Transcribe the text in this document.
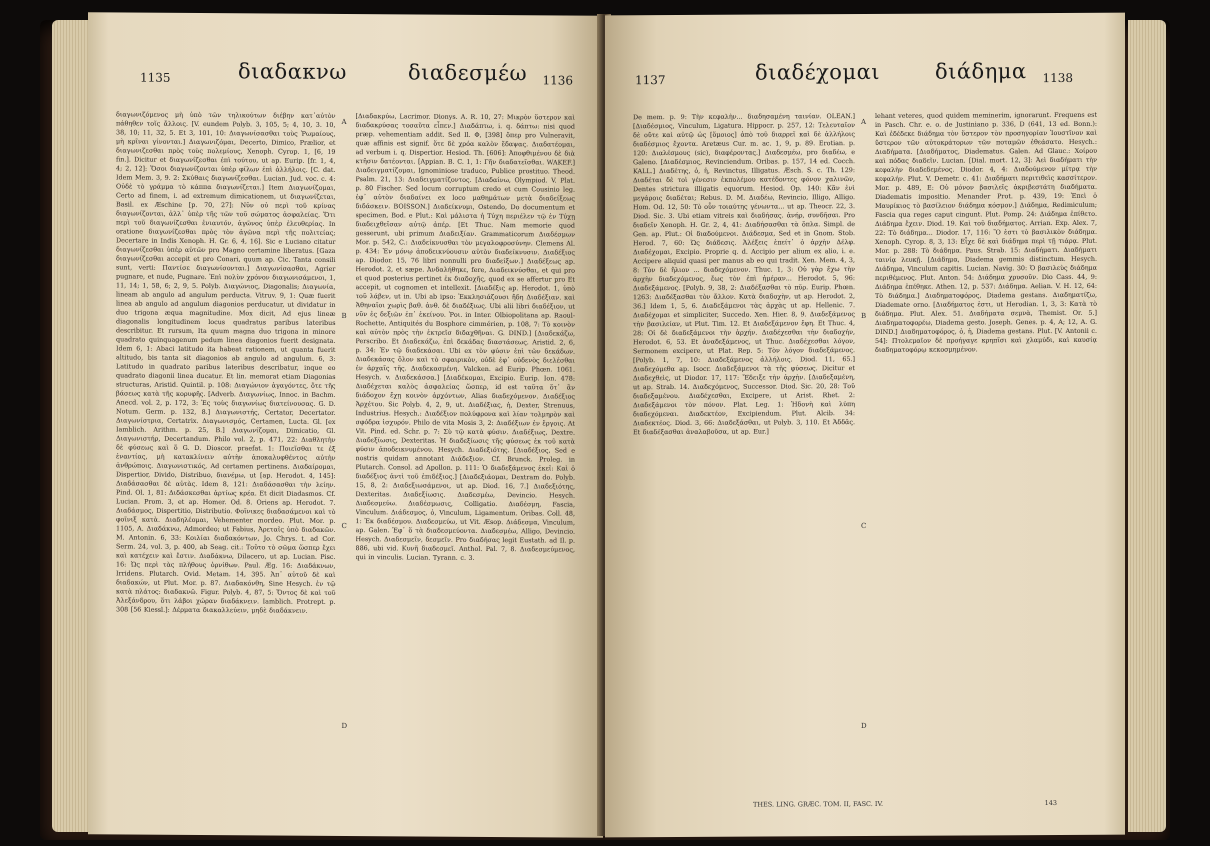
1135	διαδακνω	διαδεσμέω 1136
διαγωνιζόμενος μὴ ὑπὸ τῶν τηλικούτων διέβην κατ᾽αὐτὸν πάθηθεν τοῖς ἄλλοις. [V. eundem Polyb. 3, 105, 5; 4, 10, 3. 10, 38, 10; 11, 32, 5. Et 3, 101, 10: Διαγωνίσασθαι τοὺς Ῥωμαίους, μὴ κρῖναι γίνονται.] Διαγωνιζόμαι, Decerto, Dimico, Prælior, et διαγωνιζεσθαι πρὸς τοὺς πολεμίους, Xenoph. Cyrop. 1, [6, 19 fin.]. Dicitur et διαγωνίζεσθαι ἐπὶ τούτου, ut ap. Eurip. [fr. 1, 4, 4; 2, 12]: Ὅσοι διαγωνίζονται ὑπὲρ φίλων ἐπὶ ἀλλήλοις. [C. dat. Idem Mem. 3, 9. 2: Σκύθαις διαγωνίζεσθαι. Lucian. Jud. voc. c. 4: Οὐδὲ τὸ γράμμα τὸ κάππα διαγωνίζεται.] Item Διαγωνίζομαι, Certo ad finem, i. ad extremum dimicationem, ut διαγωνίζεται, Basil. ex Æschine [p. 70, 27]: Νῦν οὐ περὶ τοῦ κρίνας διαγωνίζονται, ἀλλ᾽ ὑπὲρ τῆς τῶν τοῦ σώματος ἀσφαλείας. Ὅτι περὶ τοῦ διαγωνίζεσθαι ἐνιαυτόν, ἀγῶνος ὑπὲρ ἐλευθερίας. In oratione διαγωνίζεσθαι πρὸς τὸν ἀγῶνα περὶ τῆς πολιτείας; Decertare in Indis Xenoph. H. Gr. 6, 4, 16]. Sic e Luciano citatur διαγωνίζεσθαι ὑπὲρ αὐτῶν pro Magno certamine liberatus. [Gaza διαγωνίζεσθαι accepit et pro Conari, quum ap. Cic. Tanta consili sunt, verti: Παντίσε διαγωνίσονται.] Διαγωνίσασθαι, Agrier pugnare, et nude, Pugnare. Ἐπὶ πολὺν χρόνον διαγωνισάμενοι, 1, 11, 14; 1, 58, 6; 2, 9, 5. Polyb. Διαγώνιος, Diagonalis; Διαγωνία, lineam ab angulo ad angulum perducta. Vitruv. 9, 1: Quæ fuerit linea ab angulo ad angulum diagonios perducatur, ut dividatur in duo trigona æqua magnitudine. Mox dicit, Ad ejus lineæ diagonalis longitudinem locus quadratus paribus lateribus describitur. Et rursum, Ita quum magna duo trigona in minore quadrato quinquagenum pedum linea diagonios fuerit designata. Idem 6, 1: Abaci latitudo ita habeat rationem, ut quanta fuerit altitudo, bis tanta sit diagonios ab angulo ad angulum. 6, 3: Latitudo in quadrato paribus lateribus describatur, inque eo quadrato diagonii linea ducatur. Et lin. memorat etiam Diagonias structuras, Aristid. Quintil. p. 108: Διαγώνιον ἀγαγόντες, ὅτε τῆς βάσεως κατὰ τῆς κορυφῆς. [Adverb. Διαγωνίως, Innoc. in Bachm. Anecd. vol. 2, p. 172, 3: Ἐς τοὺς διαγωνίως διατείνουσας. G. D. Notum. Germ. p. 132, 8.] Διαγωνιστής, Certator, Decertator. Διαγωνίστρια, Certatrix. Διαγωνισμός, Certamen, Lucta. Gl. [ex Iamblich. Arithm. p. 25, B.] Διαγωνίζομαι, Dimicatio, Gl. Διαγωνιστήρ, Decertandum. Philo vol. 2, p. 471, 22: Διαθλητὴν δὲ φύσεως καὶ ὅ G. D. Dioscor. praefat. 1: Ποιεῖσθαι τε ἐξ ἐναντίας, μὴ κατακλίνειν αὐτὴν ἀποκαλυφθέντος αὐτὴν ἀνθρώποις. Διαγωνιστικός, Ad certamen pertinens. Διαδαίρομαι, Dispertior, Divido, Distribuo, διανέμω, ut [ap. Herodot. 4, 145]: Διαδάσασθαι δὲ αὐτὰς. Idem 8, 121: Διαδάσασθαι τὴν λείην. Pind. Ol. 1, 81: Διδάσκεσθαι ἀρτίως κρέα. Et dicit Diadasmos. Cf. Lucian. Prom. 3, et ap. Homer. Od. 8. Oriens ap. Herodot. 7. Διαδάσμος, Dispertitio, Distributio. Φοῖνικες διαδασάμενοι καὶ τὸ φοῖνιξ κατὰ. Διαδηλέομαι, Vehementer mordeo. Plut. Mor. p. 1105, A. Διαδάκνω, Admordeo; ut Fabius, Ἀρεταῖς ὑπὸ διαδακῶν. M. Antonin. 6, 33: Κοιλίαι διαδακόντων, Jo. Chrys. t. ad Cor. Serm. 24, vol. 3, p. 400, ab Seag. cit.: Τοῦτο τὸ σῶμα ὥσπερ ἔχει καὶ κατέχειν καὶ ἔστιν. Διαδάκνω, Dilacero, ut ap. Lucian. Pisc. 16: Ὡς περὶ τὰς πλήθους ὀρνίθων. Paul. Æg. 16: Διαδάκνων, Irridens. Plutarch. Ovid. Metam. 14, 395. Ἀπ᾽ αὐτοῦ δὲ καὶ διαδακών, ut Plut. Mor. p. 87. Διαδακόνθη, Sine Hesych. ἐν τῷ κατὰ πλάτος: διαδακνῶ. Figur. Polyb. 4, 87, 5: Ὄντος δὲ καὶ τοῦ Ἀλεξάνδρου, ὅτι λάβοι χώραν διαδάκνειν. Iamblich. Protrept. p. 308 [56 Kiessl.]: Δέρματα διακαλλεύειν, μηδὲ διαδάκνειν.
[Διαδακρύω, Lacrimor. Dionys. A. R. 10, 27: Μικρὸν ὕστερον καὶ διαδακρύσας τοσαῦτα εἶπεν.] Διαδάπτω, i. q. δάπτω: nisi quod præp. vehementiam addit. Sed Il. Φ, [398] ὅπερ pro Vulneravit, quæ affinis est signif. ὅτε δὲ χρόα καλὸν ἔδαψας. Διαδατέομαι, ad verbum i. q. Dispertior. Hesiod. Th. [606]: Ἀποφθιμένου δὲ διὰ κτῆσιν δατέονται. [Appian. B. C. 1, 1: Γῆν διαδατεῖσθαι. WAKEF.] Διαδειγματίζομαι, Ignominiose traduco, Publice prostituo. Theod. Psalm. 21, 13: Διαδειγματίζοντος. [Διαδαίνω, Olympiod. V. Plat. p. 80 Fischer. Sed locum corruptum credo et cum Cousinio leg. ἐφ᾽ αὐτὸν διαδαίνει ex loco μαθημάτων μετὰ διαδείξεως διδάσκειν. BOISSON.] Διαδείκνυμι, Ostendo, Do documentum et specimen, Bod. e Plut.: Καὶ μάλιστα ἡ Τύχη περιέλεν τῷ ἐν Τύχῃ διαδειχθεῖσαν αὐτῷ ἀπέρ. [Et Thuc. Nam memorie quod gesserunt, ubi primum Διαδειξίαν. Grammaticorum Διαδέσμων Mor. p. 542, C.: Διαδείκνυσθαι τὸν μεγαλοφροσύνην. Clemens Al. p. 434: Ἐν μόνῳ ἀποδεικνύουσιν αὐτὸν διαδείκνυσιν. Διαδέξιος ap. Diodor. 15, 76 libri nonnulli pro διαδείξων.] Διαδέξεως ap. Herodot. 2, et sæpe. Ἀνδαλήθηκε, fere, Διαδεικνύσθαι, et qui pro et quod posterius pertinet ἐκ διαδοχῆς, quod ex se affertur pro Et accepit, ut cognomen et intellexit. [Διαδέξις ap. Herodot. 1, ὑπὸ τοῦ λάβεν, ut in. Ubi ab ipso: Ἐκκλησιάζουσι ἤδη Διαδέξιαν. καὶ Ἀθηναῖοι χωρὶς βαθ. ἀνθ. δὲ διαδέξιως. Ubi alii libri διαδέξιον, ut νῦν ἐς δεξιῶν ἐπ᾽ ἐκείνου. Ῥοι. in Inter. Olbiopolitana ap. Raoul-Rochette, Antiquités du Bosphore cimmérien, p. 108, 7: Τὸ κοινὸν καὶ αὐτὸν πρὸς τὴν ἐκτρεῖσ διδαχθῆναι. G. DIND.] [Διαδεκάζω, Perscribo. Et Διαδεκάζω, ἐπὶ δεκάδας διαστάσεως. Aristid. 2, 6, p. 34: Ἐν τῷ διαδεκάσαι. Ubi ex τὸν φύσιν ἐπὶ τῶν δεκάδων. Διαδεκάσας ὅλον καὶ τὸ σφαιρικὸν, οὐδὲ ἐφ᾽ οὐδενὸς διελέσθαι ἐν ἀρχαῖς τῆς. Διαδεκασμένη. Valcken. ad Eurip. Phœn. 1061. Hesych. v. Διαδεκάσσα.] [Διαδέκομαι, Excipio. Eurip. Ion. 478: Διαδέχεται καλὸς ἀσφαλείας ὥσπερ, id est ταῦτα ὅτ᾽ ἂν διάδοχον ἔχῃ κοινὸν ἀρχόντων, Alias διαδεχόμενον. Διαδέξιος Ἀρχέτου. Sic Polyb. 4, 2, 9, ut. Διαδέξιας, ἡ, Dexter, Strenuus, Industrius. Hesych.: Διαδέξιον πολύφρονα καὶ λίαν τολμηρὸν καὶ σφόδρα ἰσχυρόν. Philo de vita Mosis 3, 2: Διαδέξιων ἐν ἔργοις. At Vit. Pind. ed. Schr. p. 7: Σὺ τῷ κατὰ φύσιν. Διαδέξιως, Dextre. Διαδεξίωσις, Dexteritas. Ἡ διαδεξίωσις τῆς φύσεως ἐκ τοῦ κατὰ φύσιν ἀποδεικνυμένου. Hesych. Διαδεξιότης. [Διαδέξιος, Sed e nostris quidam annotant Διάδεξιον. Cf. Brunck. Proleg. in Plutarch. Consol. ad Apollon. p. 111: Ὁ διαδεξάμενος ἐκεῖ: Καὶ ὁ διαδέξιος ἀντὶ τοῦ ἐπιδέξιος.] [Διαδεξιάομαι, Dextram do. Polyb. 15, 8, 2: Διαδεξιωσάμενοι, ut ap. Diod. 16, 7.] Διαδεξιότης, Dexteritas. Διαδεξίωσις. Διαδεσμέω, Devincio. Hesych. Διαδεσμεύω. Διαδέσμωσις, Colligatio. Διαδέσμη, Fascia, Vinculum. Διάδεσμος, ὁ, Vinculum, Ligamentum. Oribas. Coll. 48, 1: Ἐκ διαδέσμου. Διαδεσμεύω, ut Vit. Æsop. Διάδεσμα, Vinculum, ap. Galen. Ἐφ᾽ ὅ τὰ διαδεσμεύοντα. Διαδεσμέω, Alligo, Devincio. Hesych. Διαδεσμεῖν, δεσμεῖν. Pro διαδήσας legit Eustath. ad Il. p. 886, ubi vid. Κυνῆ διαδεσμεῖ. Anthol. Pal. 7, 8. Διαδεσμεύμενος, qui in vinculis. Lucian. Tyrann. c. 3.
A
B
C
D
1137	διαδέχομαι	διάδημα 1138
De mem. p. 9: Τὴν κεφαλὴν... διαδησαμένη ταινίαν. OLEAN.] [Διαδέσμιος, Vinculum, Ligatura. Hippocr. p. 257, 12: Τελευταῖον δὲ οὔτε καὶ αὐτῷ ὡς [ὅμοιος] ἀπὸ τοῦ διαρρεῖ καὶ δὲ ἀλλήλοις διαδέσμιος ἔχοντα. Aretæus Cur. m. ac. 1, 9, p. 89. Erotian. p. 120: Διαλέσμους (sic), διαφέροντας.] Διαδεσμέω, pro διαδέω, e Galeno. [Διαδέσμιος, Revinciendum. Oribas. p. 157, 14 ed. Cocch. KALL.] Διαδέτης, ὁ, ἡ, Revinctus, Illigatus. Æsch. S. c. Th. 129: Διαδέται δὲ τοὶ γένεσιν ἐκπολέμου κατέδοντες φόνον χαλινῶν, Dentes strictura illigatis equorum. Hesiod. Op. 140: Κἂν ἐνὶ μεγάροις διαδέται; Rebus. D. M. Διαδέω, Revincio, Illigo, Alligo. Hom. Od. 12, 50: Τὸ οὖν τοιαύτης γένωντα... ut ap. Theocr. 22, 3. Diod. Sic. 3. Ubi etiam vitreis καὶ διαδήσας. ἀνήρ, συνδῆσαι. Pro διαδεῖν Xenoph. H. Gr. 2, 4, 41: Διαδήσασθαι τὰ ὅπλα. Simpl. de Gen. ap. Plut.: Οἱ διαδούμενοι. Διάδεσμα, Sed et in Gnom. Stob. Herod. 7, 60: Ὡς διάδεσις. Ἀλέξεις ἐπείτ᾽ ὁ ἀρχὴν Δέλφ. Διαδέχομαι, Excipio. Proprie q. d. Accipio per alium ex alio, i. e. Accipere aliquid quasi per manus ab eo qui tradit. Xen. Mem. 4, 3, 8: Τὸν δὲ ἥλιον ... διαδεχόμενον. Thuc. 1, 3: Οὐ γὰρ ἔχω τὴν ἀρχὴν διαδεχόμενος, ἔως τὸν ἐπὶ ἡμέραν... Herodot. 5, 96: Διαδεξάμενος. [Polyb. 9, 38, 2: Διαδέξασθαι τὸ πῦρ. Eurip. Phœn. 1263: Διαδέξασθαι τὸν ἄλλον. Κατὰ διαδοχὴν, ut ap. Herodot. 2, 36.] Idem 1, 5, 6. Διαδεξάμενοι τὰς ἀρχὰς ut ap. Hellenic. 7. Διαδέχομαι et simpliciter, Succedo. Xen. Hier. 8, 9. Διαδεξάμενος τὴν βασιλείαν, ut Plut. Tim. 12. Et Διαδεξάμενον ἔφη. Et Thuc. 4, 28: Οἱ δὲ διαδεξάμενοι τὴν ἀρχήν. Διαδέχεσθαι τὴν διαδοχήν, Herodot. 6, 53. Et ἀναδεξάμενος, ut Thuc. Διαδέχεσθαι λόγον, Sermonem excipere, ut Plat. Rep. 5: Τὸν λόγον διαδεξάμενος. [Polyb. 1, 7, 10: Διαδεξάμενος ἀλλήλοις. Diod. 11, 65.] Διαδεχόμεθα ap. Isocr. Διαδεξάμενοι τὰ τῆς φύσεως. Dicitur et Διαδεχθεὶς, ut Diodor. 17, 117: Ἔδειξε τὴν ἀρχὴν. [Διαδεξαμένη, ut ap. Strab. 14. Διαδεχόμενος, Successor. Diod. Sic. 20, 28: Τοῦ διαδεξαμένου. Διαδέχεσθαι, Excipere, ut Arist. Rhet. 2: Διαδεξάμενοι τὸν πόνον. Plat. Leg. 1: Ἡδονὴ καὶ λύπη διαδεχόμεναι. Διαδεκτέον, Excipiendum. Plut. Alcib. 34: Διαδεκτέος. Diod. 3, 66: Διαδεξάσθαι, ut Polyb. 3, 110. Et Ἀδδᾶς. Et διαδέξασθαι ἀναλαβοῦσα, ut ap. Eur.]
lehant veteres, quod quidem meminerim, ignorarunt. Frequens est in Pasch. Chr. e. o. de Justiniano p. 336, D (641, 13 ed. Bonn.): Καὶ ἐδέδεκε διάδημα τὸν ὕστερον τὸν προσηγορίαν Ἰουστῖνον καὶ ὕστερον τῶν αὐτοκράτορων τῶν ποταμῶν ἐθεάσατο. Hesych.: Διαδήματα. [Διαδήματος, Diadematus. Galen. Ad Glauc.: Χοίρου καὶ πόδας διαδεῖν. Lucian. [Dial. mort. 12, 3]: Ἀεὶ διαδήματι τὴν κεφαλὴν διαδεδεμένος. Diodor. 4, 4: Διαδούμενον μίτρᾳ τὴν κεφαλήν. Plut. V. Demetr. c. 41: Διαδήματι περιτιθεὶς κασσίτερον. Mor. p. 489, E: Οὐ μόνον βασιλεῖς ἀκριβεστάτη διαδήματα. Diadematis impositio. Menander Prot. p. 439, 19: Ἐπεὶ ὁ Μαυρίκιος τὸ βασίλειον διάδημα κόσμον.] Διάδημα, Redimiculum; Fascia qua reges caput cingunt. Plut. Pomp. 24: Διάδημα ἐπίθετο. Διάδημα ἔχειν. Diod. 19. Καὶ τοῦ διαδήματος. Arrian. Exp. Alex. 7, 22: Τὸ διάδημα... Diodor. 17, 116: Ὃ ἐστι τὸ βασιλικὸν διάδημα. Xenoph. Cyrop. 8, 3, 13: Εἶχε δὲ καὶ διάδημα περὶ τῇ τιάρᾳ. Plut. Mor. p. 288: Τὸ διάδημα. Paus. Strab. 15: Διαδήματι. Διαδήματι ταινίᾳ λευκῇ. [Διάδημα, Diadema gemmis distinctum. Hesych. Διάδημα, Vinculum capitis. Lucian. Navig. 30: Ὁ βασιλεὺς διάδημα περιθέμενος. Plut. Anton. 54: Διάδημα χρυσοῦν. Dio Cass. 44, 9: Διάδημα ἐπέθηκε. Athen. 12, p. 537: Διάδημα. Aelian. V. H. 12, 64: Τὸ διάδημα.] Διαδηματοφόρος, Diadema gestans. Διαδηματίζω, Diademate orno. [Διαδήματος ἐστι, ut Herodian. 1, 3, 3: Κατὰ τὸ διάδημα. Plut. Alex. 51. Διαδήματα σεμνὰ, Themist. Or. 5.] Διαδηματοφορέω, Diadema gesto. Joseph. Genes. p. 4, A; 12, A. G. DIND.] Διαδηματοφόρος, ὁ, ἡ, Diadema gestans. Plut. [V. Antonii c. 54]: Πτολεμαῖον δὲ προήγαγε κρηπῖσι καὶ χλαμύδι, καὶ καυσίᾳ διαδηματοφόρῳ κεκοσμημένον.
A
B
C
D
THES. LING. GRÆC. TOM. II, FASC. IV.	143
